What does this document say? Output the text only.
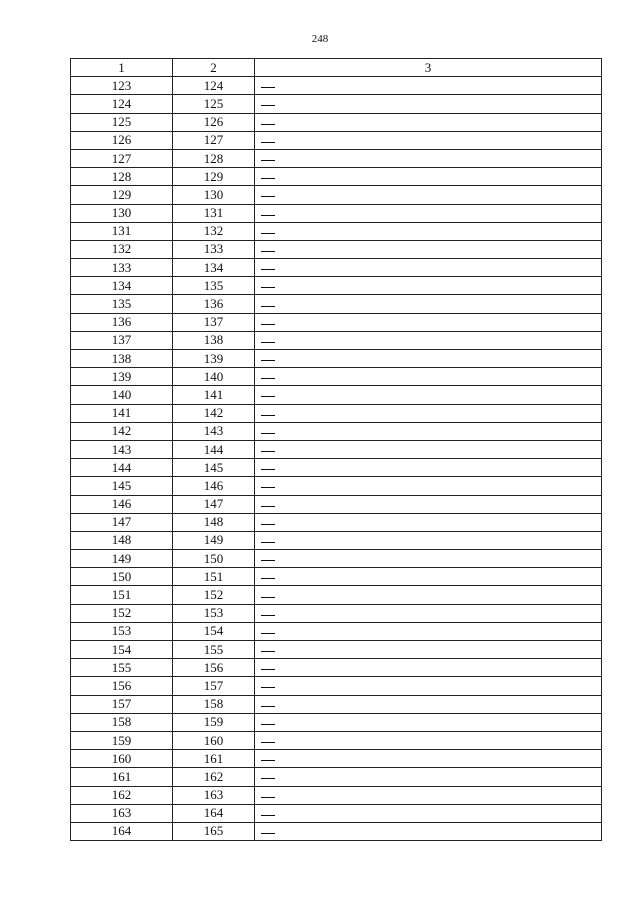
248
1	2	3
123	124	
124	125	
125	126	
126	127	
127	128	
128	129	
129	130	
130	131	
131	132	
132	133	
133	134	
134	135	
135	136	
136	137	
137	138	
138	139	
139	140	
140	141	
141	142	
142	143	
143	144	
144	145	
145	146	
146	147	
147	148	
148	149	
149	150	
150	151	
151	152	
152	153	
153	154	
154	155	
155	156	
156	157	
157	158	
158	159	
159	160	
160	161	
161	162	
162	163	
163	164	
164	165	
